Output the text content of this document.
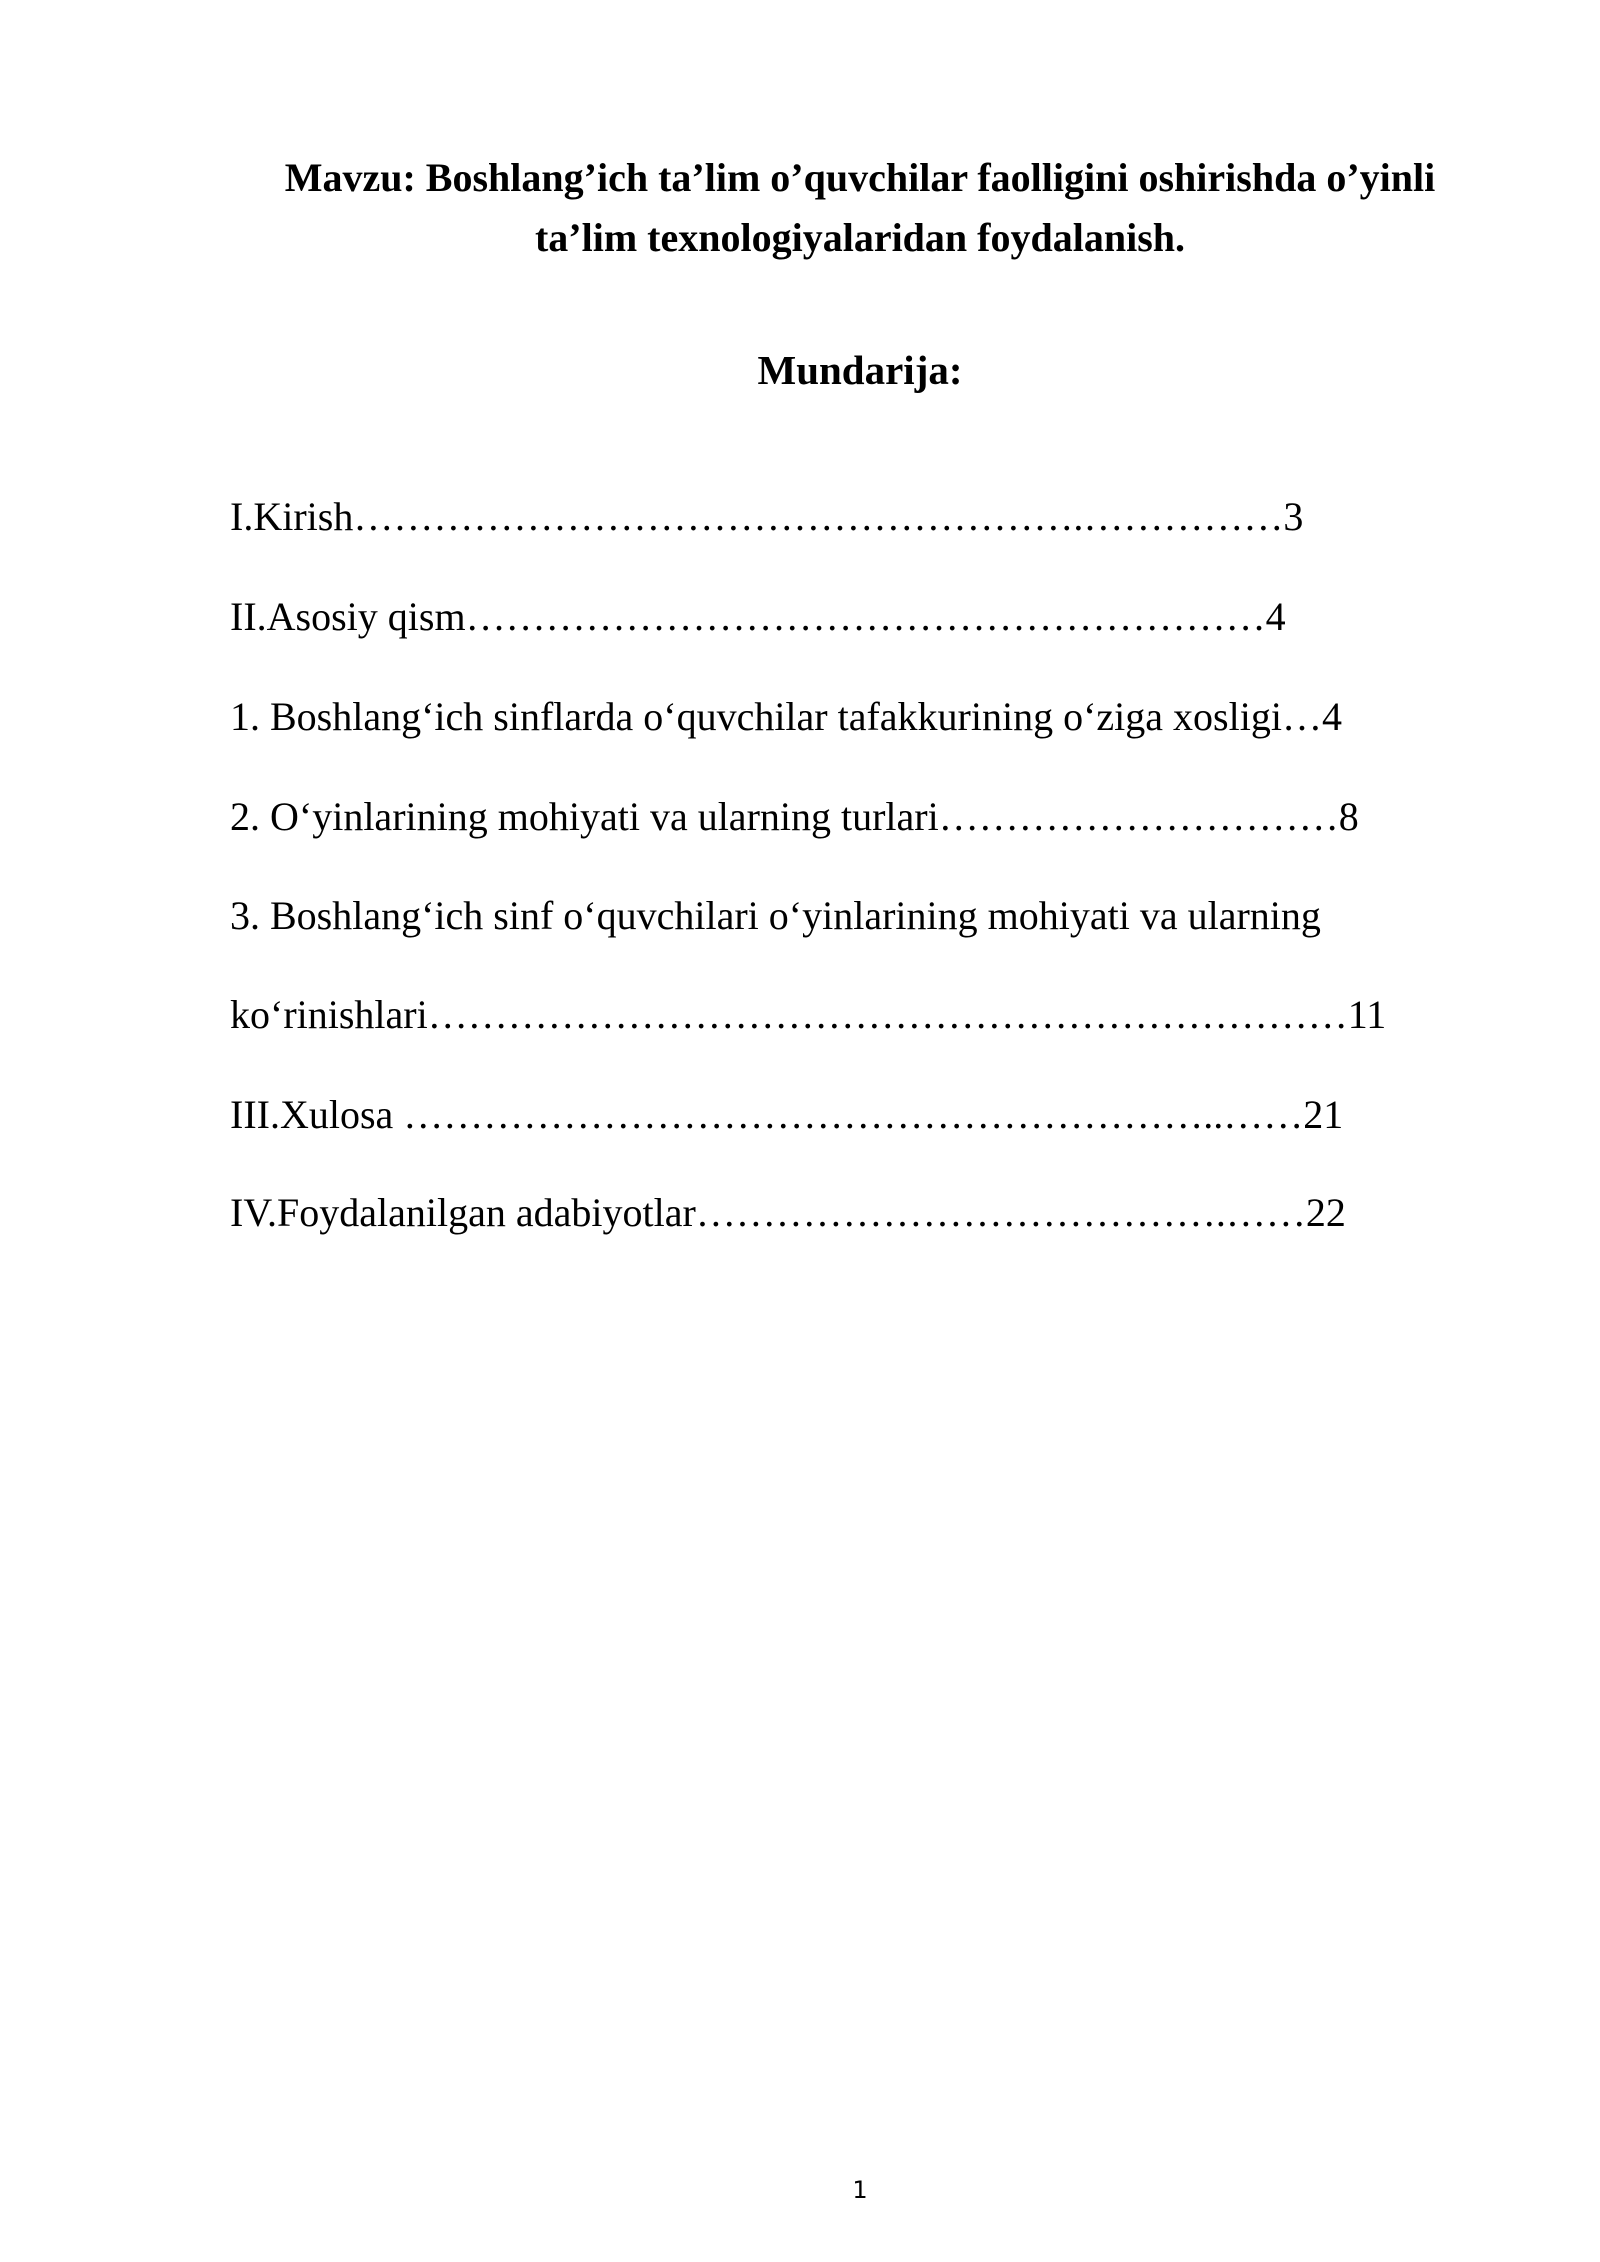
Mavzu: Boshlang’ich ta’lim o’quvchilar faolligini oshirishda o’yinli
ta’lim texnologiyalaridan foydalanish.
Mundarija:
I.Kirish……………………………………………….……………3
II.Asosiy qism……………………………………………………4
1. Boshlang‘ich sinflarda o‘quvchilar tafakkurining o‘ziga xosligi…4
2. O‘yinlarining mohiyati va ularning turlari…………………………8
3. Boshlang‘ich sinf o‘quvchilari o‘yinlarining mohiyati va ularning
ko‘rinishlari……………………………………………………………11
III.Xulosa ……………………………………………………..……21
IV.Foydalanilgan adabiyotlar………………………………….……22
1
